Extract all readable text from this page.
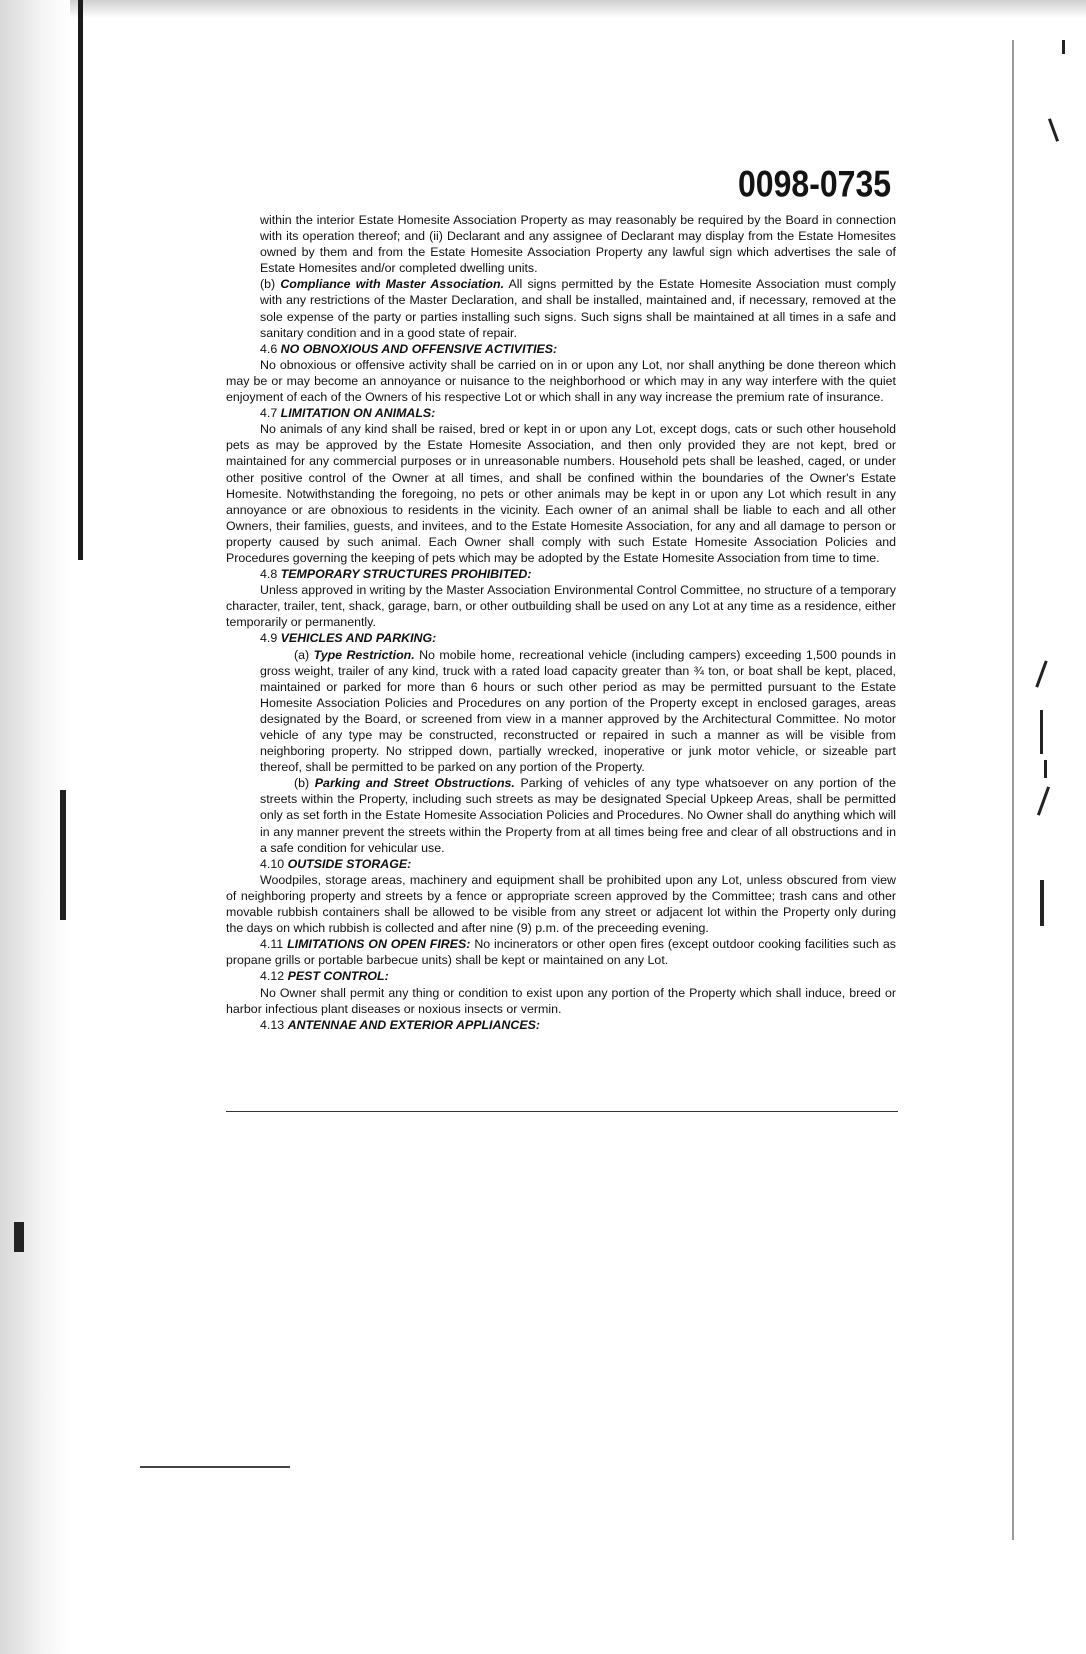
0098-0735

within the interior Estate Homesite Association Property as may reasonably be required by the Board in connection with its operation thereof; and (ii) Declarant and any assignee of Declarant may display from the Estate Homesites owned by them and from the Estate Homesite Association Property any lawful sign which advertises the sale of Estate Homesites and/or completed dwelling units.

(b) Compliance with Master Association. All signs permitted by the Estate Homesite Association must comply with any restrictions of the Master Declaration, and shall be installed, maintained and, if necessary, removed at the sole expense of the party or parties installing such signs. Such signs shall be maintained at all times in a safe and sanitary condition and in a good state of repair.

4.6 NO OBNOXIOUS AND OFFENSIVE ACTIVITIES:

No obnoxious or offensive activity shall be carried on in or upon any Lot, nor shall anything be done thereon which may be or may become an annoyance or nuisance to the neighborhood or which may in any way interfere with the quiet enjoyment of each of the Owners of his respective Lot or which shall in any way increase the premium rate of insurance.

4.7 LIMITATION ON ANIMALS:

No animals of any kind shall be raised, bred or kept in or upon any Lot, except dogs, cats or such other household pets as may be approved by the Estate Homesite Association, and then only provided they are not kept, bred or maintained for any commercial purposes or in unreasonable numbers. Household pets shall be leashed, caged, or under other positive control of the Owner at all times, and shall be confined within the boundaries of the Owner's Estate Homesite. Notwithstanding the foregoing, no pets or other animals may be kept in or upon any Lot which result in any annoyance or are obnoxious to residents in the vicinity. Each owner of an animal shall be liable to each and all other Owners, their families, guests, and invitees, and to the Estate Homesite Association, for any and all damage to person or property caused by such animal. Each Owner shall comply with such Estate Homesite Association Policies and Procedures governing the keeping of pets which may be adopted by the Estate Homesite Association from time to time.

4.8 TEMPORARY STRUCTURES PROHIBITED:

Unless approved in writing by the Master Association Environmental Control Committee, no structure of a temporary character, trailer, tent, shack, garage, barn, or other outbuilding shall be used on any Lot at any time as a residence, either temporarily or permanently.

4.9 VEHICLES AND PARKING:

(a) Type Restriction. No mobile home, recreational vehicle (including campers) exceeding 1,500 pounds in gross weight, trailer of any kind, truck with a rated load capacity greater than ¾ ton, or boat shall be kept, placed, maintained or parked for more than 6 hours or such other period as may be permitted pursuant to the Estate Homesite Association Policies and Procedures on any portion of the Property except in enclosed garages, areas designated by the Board, or screened from view in a manner approved by the Architectural Committee. No motor vehicle of any type may be constructed, reconstructed or repaired in such a manner as will be visible from neighboring property. No stripped down, partially wrecked, inoperative or junk motor vehicle, or sizeable part thereof, shall be permitted to be parked on any portion of the Property.

(b) Parking and Street Obstructions. Parking of vehicles of any type whatsoever on any portion of the streets within the Property, including such streets as may be designated Special Upkeep Areas, shall be permitted only as set forth in the Estate Homesite Association Policies and Procedures. No Owner shall do anything which will in any manner prevent the streets within the Property from at all times being free and clear of all obstructions and in a safe condition for vehicular use.

4.10 OUTSIDE STORAGE:

Woodpiles, storage areas, machinery and equipment shall be prohibited upon any Lot, unless obscured from view of neighboring property and streets by a fence or appropriate screen approved by the Committee; trash cans and other movable rubbish containers shall be allowed to be visible from any street or adjacent lot within the Property only during the days on which rubbish is collected and after nine (9) p.m. of the preceeding evening.

4.11 LIMITATIONS ON OPEN FIRES: No incinerators or other open fires (except outdoor cooking facilities such as propane grills or portable barbecue units) shall be kept or maintained on any Lot.

4.12 PEST CONTROL:

No Owner shall permit any thing or condition to exist upon any portion of the Property which shall induce, breed or harbor infectious plant diseases or noxious insects or vermin.

4.13 ANTENNAE AND EXTERIOR APPLIANCES:
